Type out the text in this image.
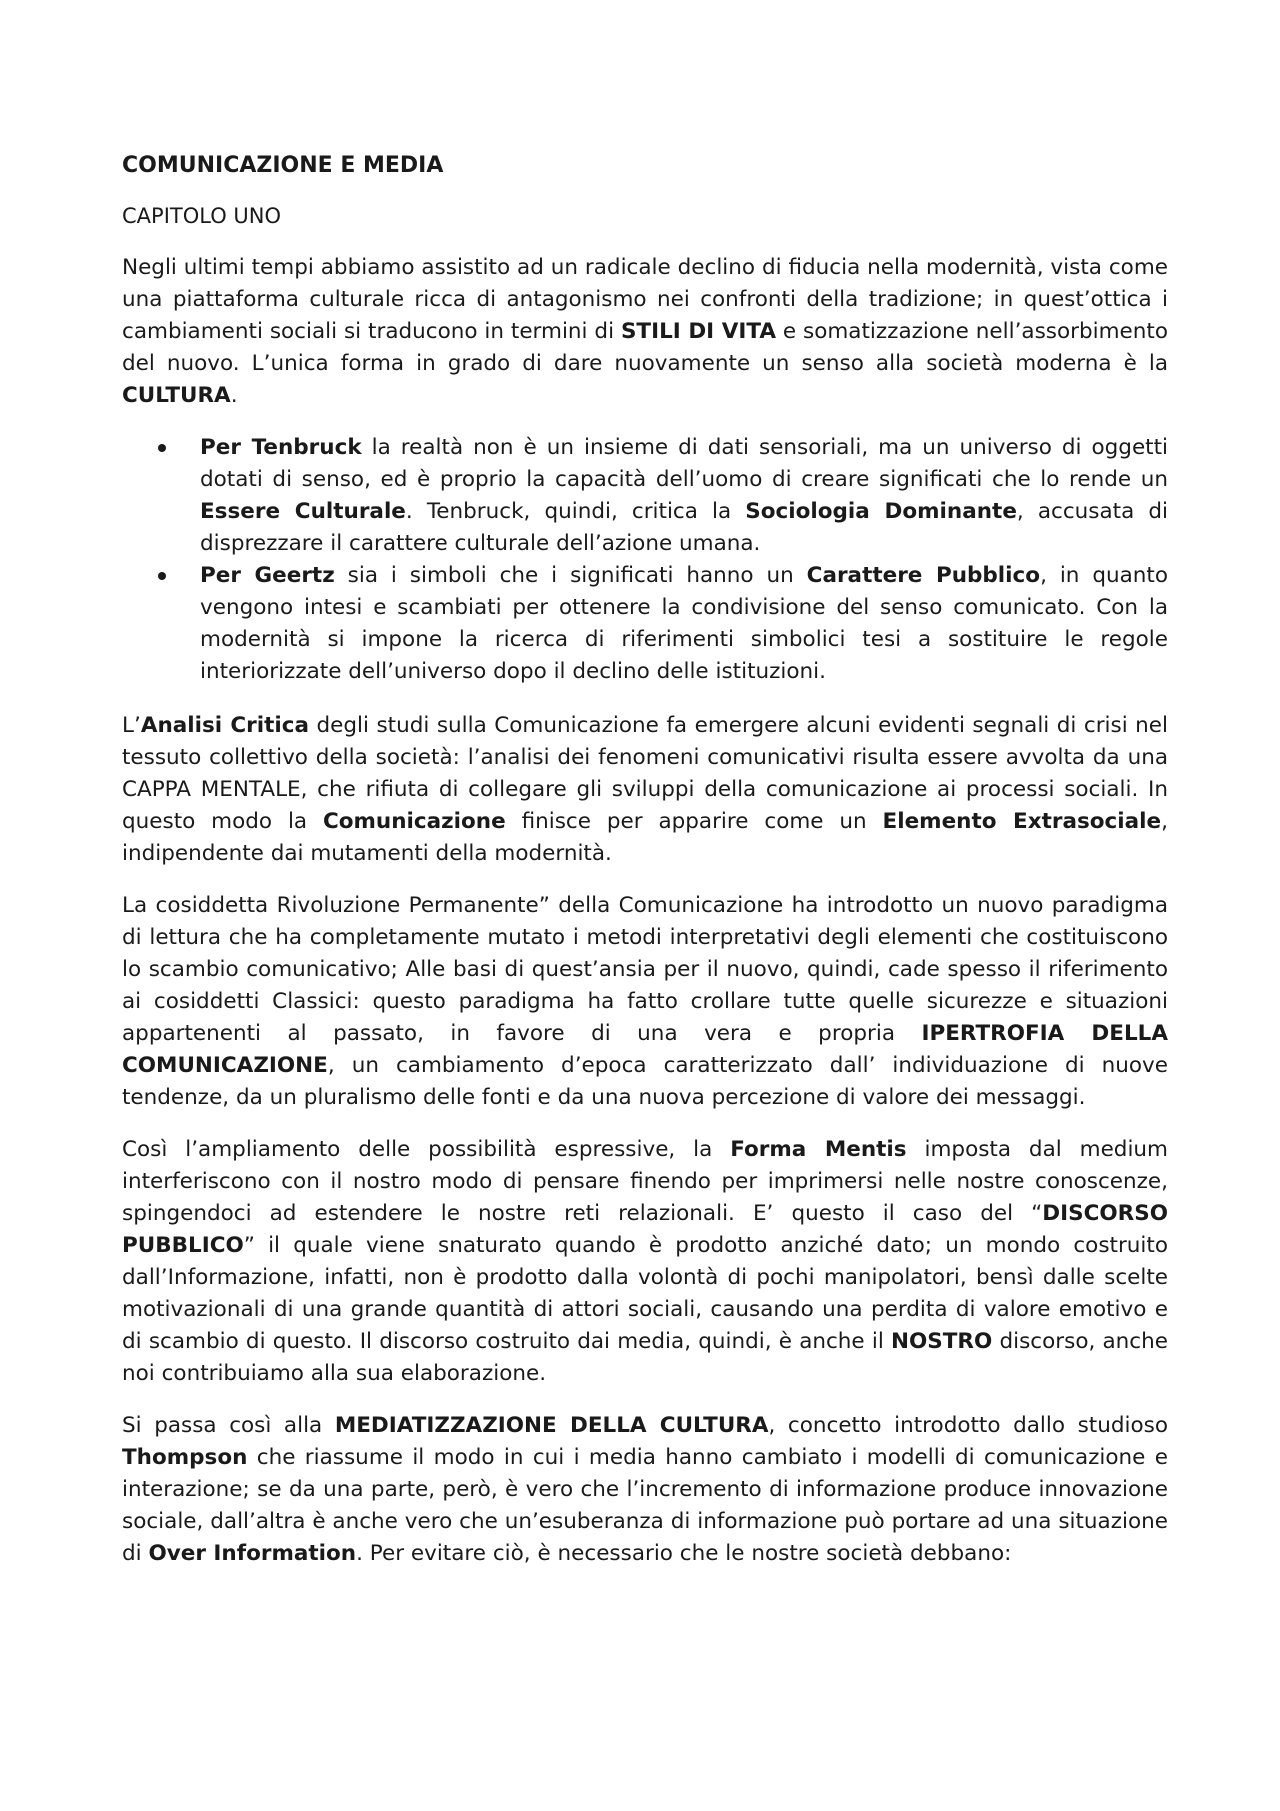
COMUNICAZIONE E MEDIA
CAPITOLO UNO

Negli ultimi tempi abbiamo assistito ad un radicale declino di fiducia nella modernità, vista come una piattaforma culturale ricca di antagonismo nei confronti della tradizione; in quest’ottica i cambiamenti sociali si traducono in termini di STILI DI VITA e somatizzazione nell’assorbimento del nuovo. L’unica forma in grado di dare nuovamente un senso alla società moderna è la CULTURA.

Per Tenbruck la realtà non è un insieme di dati sensoriali, ma un universo di oggetti dotati di senso, ed è proprio la capacità dell’uomo di creare significati che lo rende un Essere Culturale. Tenbruck, quindi, critica la Sociologia Dominante, accusata di disprezzare il carattere culturale dell’azione umana.
Per Geertz sia i simboli che i significati hanno un Carattere Pubblico, in quanto vengono intesi e scambiati per ottenere la condivisione del senso comunicato. Con la modernità si impone la ricerca di riferimenti simbolici tesi a sostituire le regole interiorizzate dell’universo dopo il declino delle istituzioni.

L’Analisi Critica degli studi sulla Comunicazione fa emergere alcuni evidenti segnali di crisi nel tessuto collettivo della società: l’analisi dei fenomeni comunicativi risulta essere avvolta da una CAPPA MENTALE, che rifiuta di collegare gli sviluppi della comunicazione ai processi sociali. In questo modo la Comunicazione finisce per apparire come un Elemento Extrasociale, indipendente dai mutamenti della modernità.

La cosiddetta Rivoluzione Permanente” della Comunicazione ha introdotto un nuovo paradigma di lettura che ha completamente mutato i metodi interpretativi degli elementi che costituiscono lo scambio comunicativo; Alle basi di quest’ansia per il nuovo, quindi, cade spesso il riferimento ai cosiddetti Classici: questo paradigma ha fatto crollare tutte quelle sicurezze e situazioni appartenenti al passato, in favore di una vera e propria IPERTROFIA DELLA COMUNICAZIONE, un cambiamento d’epoca caratterizzato dall’ individuazione di nuove tendenze, da un pluralismo delle fonti e da una nuova percezione di valore dei messaggi.

Così l’ampliamento delle possibilità espressive, la Forma Mentis imposta dal medium interferiscono con il nostro modo di pensare finendo per imprimersi nelle nostre conoscenze, spingendoci ad estendere le nostre reti relazionali. E’ questo il caso del “DISCORSO PUBBLICO” il quale viene snaturato quando è prodotto anziché dato; un mondo costruito dall’Informazione, infatti, non è prodotto dalla volontà di pochi manipolatori, bensì dalle scelte motivazionali di una grande quantità di attori sociali, causando una perdita di valore emotivo e di scambio di questo. Il discorso costruito dai media, quindi, è anche il NOSTRO discorso, anche noi contribuiamo alla sua elaborazione.

Si passa così alla MEDIATIZZAZIONE DELLA CULTURA, concetto introdotto dallo studioso Thompson che riassume il modo in cui i media hanno cambiato i modelli di comunicazione e interazione; se da una parte, però, è vero che l’incremento di informazione produce innovazione sociale, dall’altra è anche vero che un’esuberanza di informazione può portare ad una situazione di Over Information. Per evitare ciò, è necessario che le nostre società debbano:
